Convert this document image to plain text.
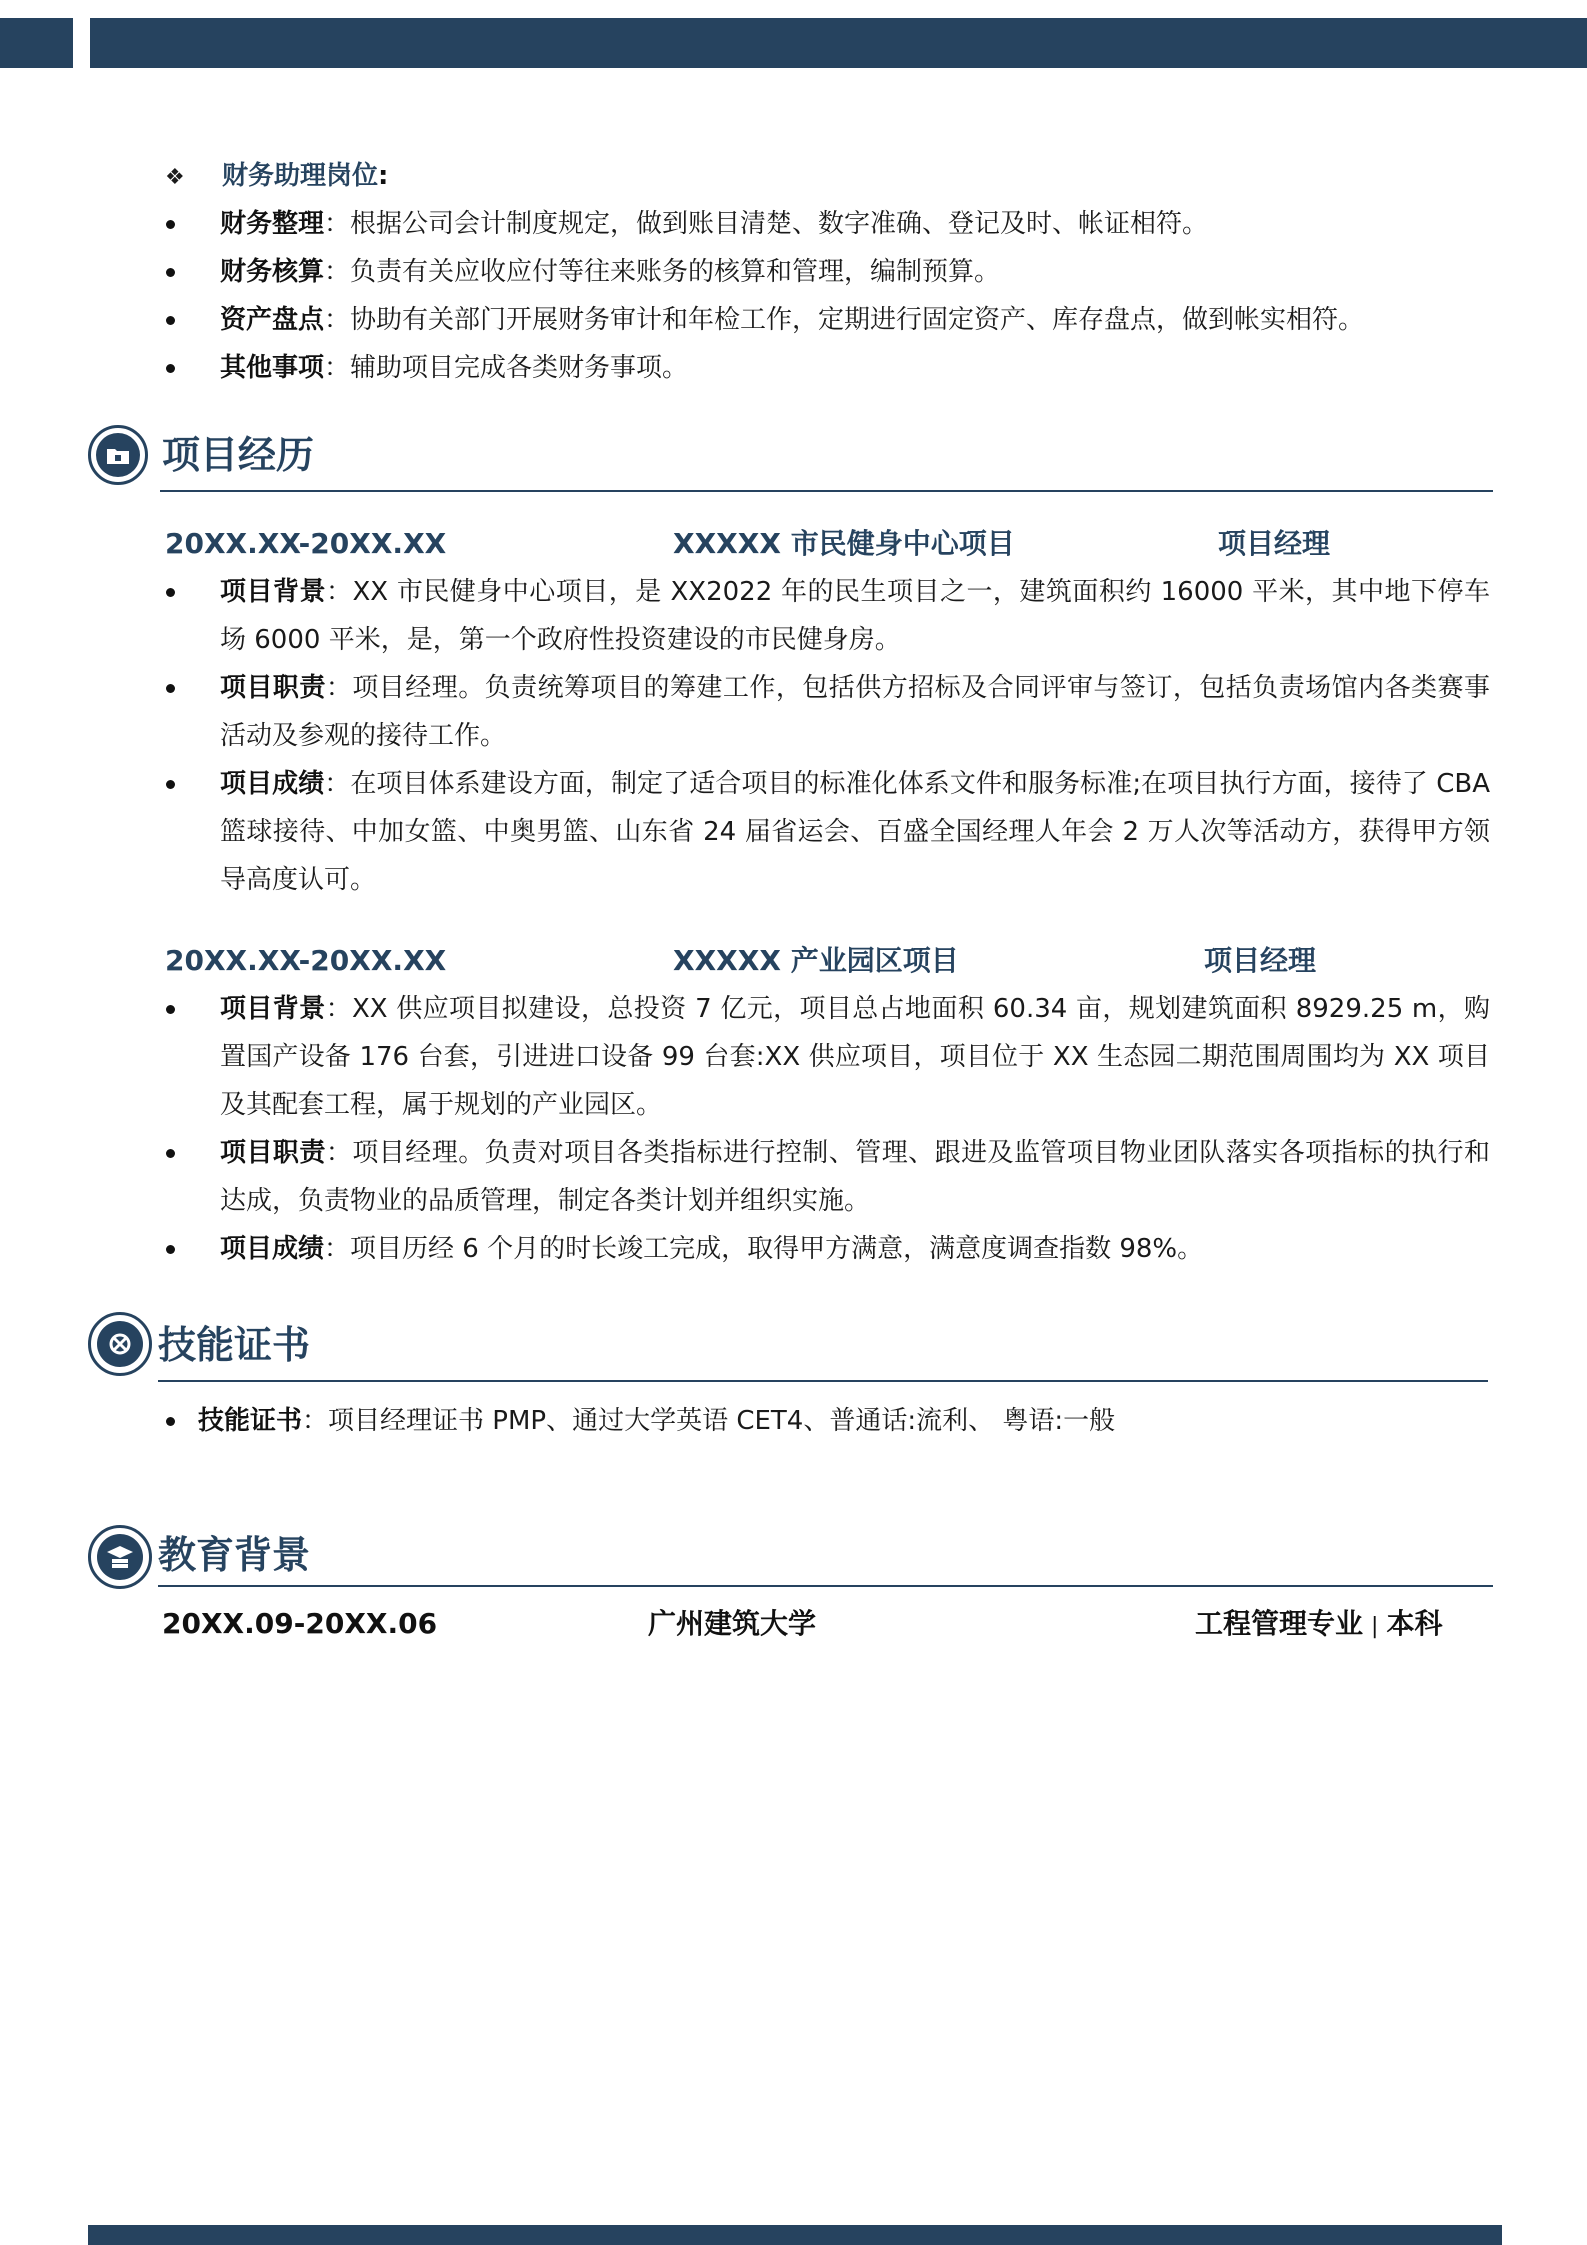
❖ 财务助理岗位:
财务整理：根据公司会计制度规定，做到账目清楚、数字准确、登记及时、帐证相符。
财务核算：负责有关应收应付等往来账务的核算和管理，编制预算。
资产盘点：协助有关部门开展财务审计和年检工作，定期进行固定资产、库存盘点，做到帐实相符。
其他事项：辅助项目完成各类财务事项。
项目经历
20XX.XX-20XX.XX	XXXXX 市民健身中心项目	项目经理
项目背景：XX 市民健身中心项目，是 XX2022 年的民生项目之一，建筑面积约 16000 平米，其中地下停车场 6000 平米，是，第一个政府性投资建设的市民健身房。
项目职责：项目经理。负责统筹项目的筹建工作，包括供方招标及合同评审与签订，包括负责场馆内各类赛事活动及参观的接待工作。
项目成绩：在项目体系建设方面，制定了适合项目的标准化体系文件和服务标准;在项目执行方面，接待了 CBA 篮球接待、中加女篮、中奥男篮、山东省 24 届省运会、百盛全国经理人年会 2 万人次等活动方，获得甲方领导高度认可。
20XX.XX-20XX.XX	XXXXX 产业园区项目	项目经理
项目背景：XX 供应项目拟建设，总投资 7 亿元，项目总占地面积 60.34 亩，规划建筑面积 8929.25 m，购置国产设备 176 台套，引进进口设备 99 台套:XX 供应项目，项目位于 XX 生态园二期范围周围均为 XX 项目及其配套工程，属于规划的产业园区。
项目职责：项目经理。负责对项目各类指标进行控制、管理、跟进及监管项目物业团队落实各项指标的执行和达成，负责物业的品质管理，制定各类计划并组织实施。
项目成绩：项目历经 6 个月的时长竣工完成，取得甲方满意，满意度调查指数 98%。
技能证书
技能证书：项目经理证书 PMP、通过大学英语 CET4、普通话:流利、 粤语:一般
教育背景
20XX.09-20XX.06	广州建筑大学	工程管理专业 | 本科
